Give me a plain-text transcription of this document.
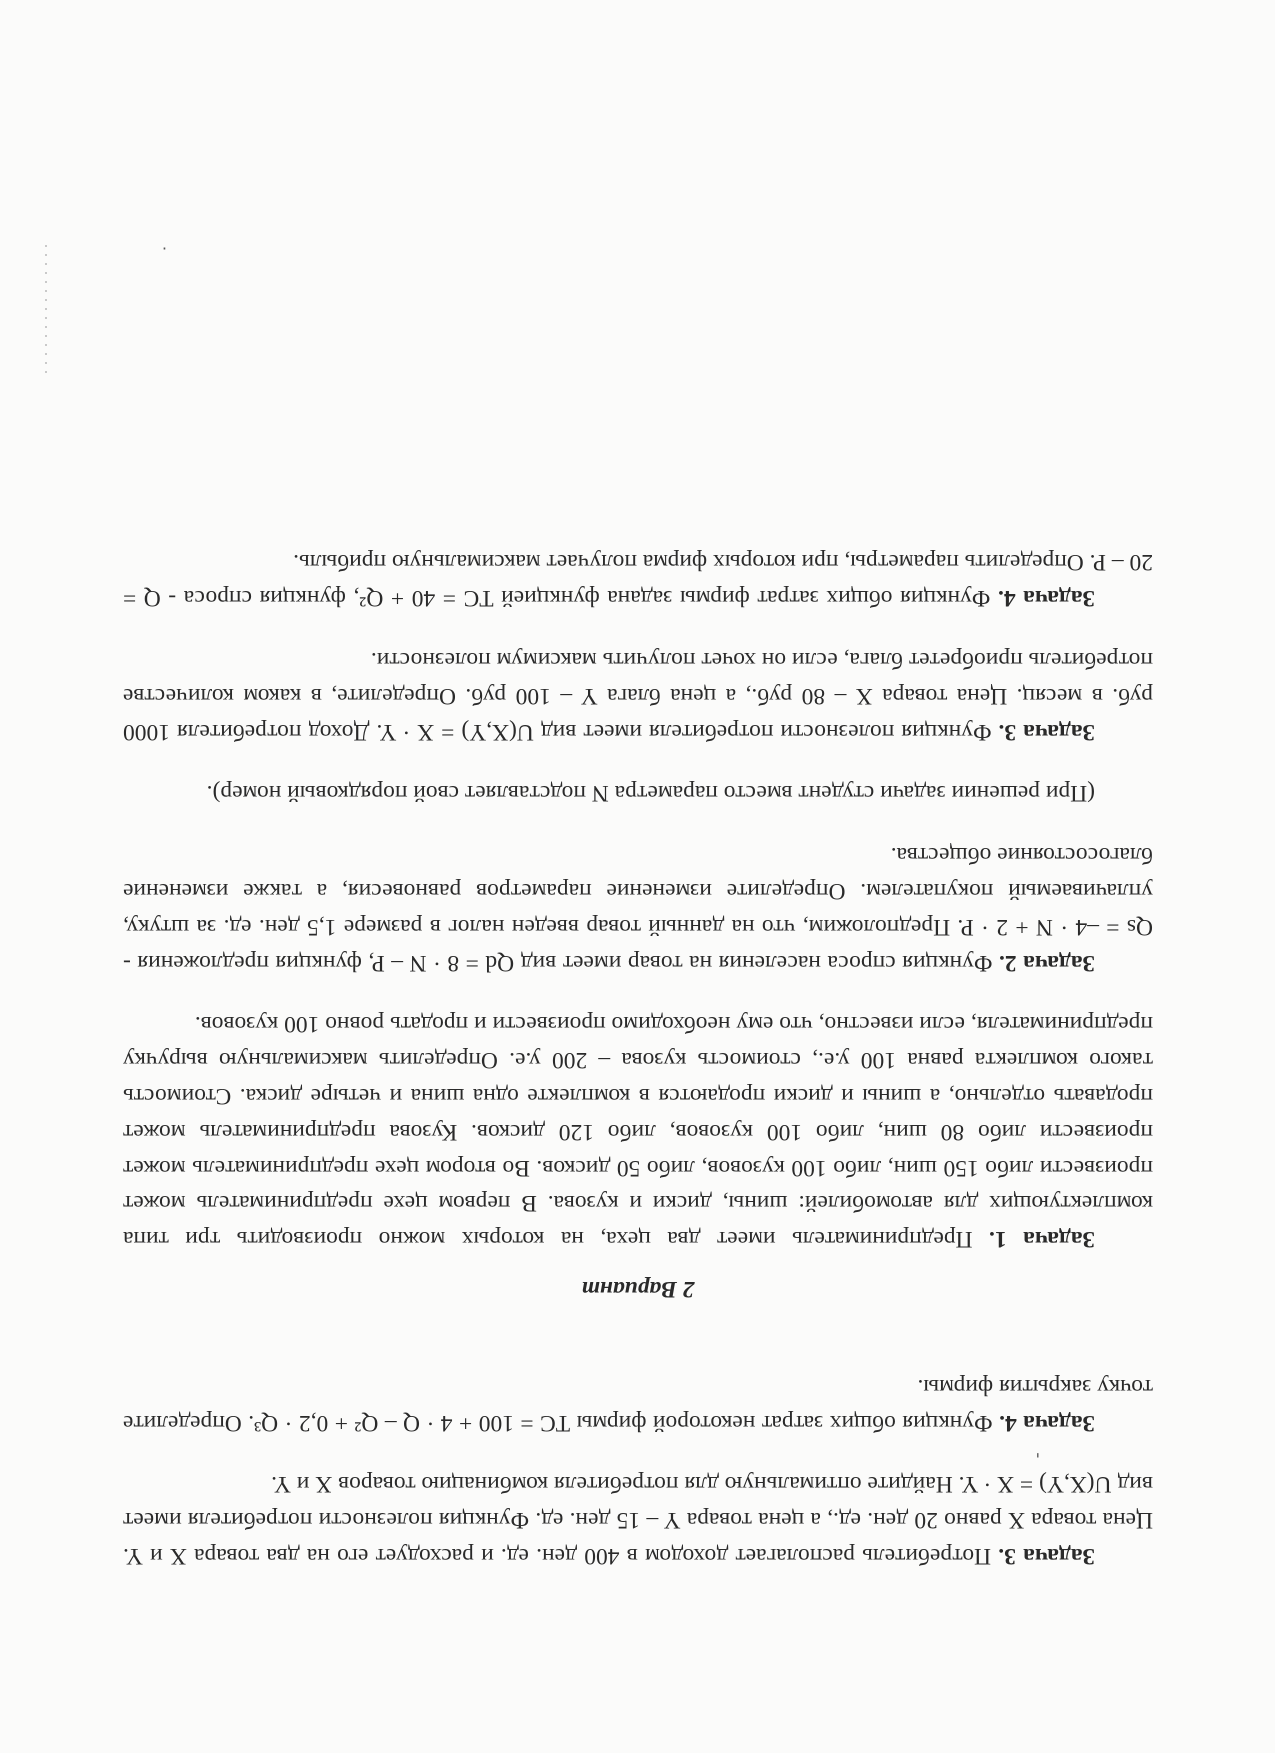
Задача 3. Потребитель располагает доходом в 400 ден. ед. и расходует его на два товара X и Y. Цена товара X равно 20 ден. ед., а цена товара Y – 15 ден. ед. Функция полезности потребителя имеет вид U(X,Y) = X · Y. Найдите оптимальную для потребителя комбинацию товаров X и Y.

Задача 4. Функция общих затрат некоторой фирмы TC = 100 + 4 · Q – Q² + 0,2 · Q³. Определите точку закрытия фирмы.

2 Вариант

Задача 1. Предприниматель имеет два цеха, на которых можно производить три типа комплектующих для автомобилей: шины, диски и кузова. В первом цехе предприниматель может произвести либо 150 шин, либо 100 кузовов, либо 50 дисков. Во втором цехе предприниматель может произвести либо 80 шин, либо 100 кузовов, либо 120 дисков. Кузова предприниматель может продавать отдельно, а шины и диски продаются в комплекте одна шина и четыре диска. Стоимость такого комплекта равна 100 у.е., стоимость кузова – 200 у.е. Определить максимальную выручку предпринимателя, если известно, что ему необходимо произвести и продать ровно 100 кузовов.

Задача 2. Функция спроса населения на товар имеет вид Qd = 8 · N – P, функция предложения - Qs = –4 · N + 2 · P. Предположим, что на данный товар введен налог в размере 1,5 ден. ед. за штуку, уплачиваемый покупателем. Определите изменение параметров равновесия, а также изменение благосостояние общества.

(При решении задачи студент вместо параметра N подставляет свой порядковый номер).

Задача 3. Функция полезности потребителя имеет вид U(X,Y) = X · Y. Доход потребителя 1000 руб. в месяц. Цена товара X – 80 руб., а цена блага Y – 100 руб. Определите, в каком количестве потребитель приобретет блага, если он хочет получить максимум полезности.

Задача 4. Функция общих затрат фирмы задана функцией TC = 40 + Q², функция спроса - Q = 20 – P. Определить параметры, при которых фирма получает максимальную прибыль.

·
'
